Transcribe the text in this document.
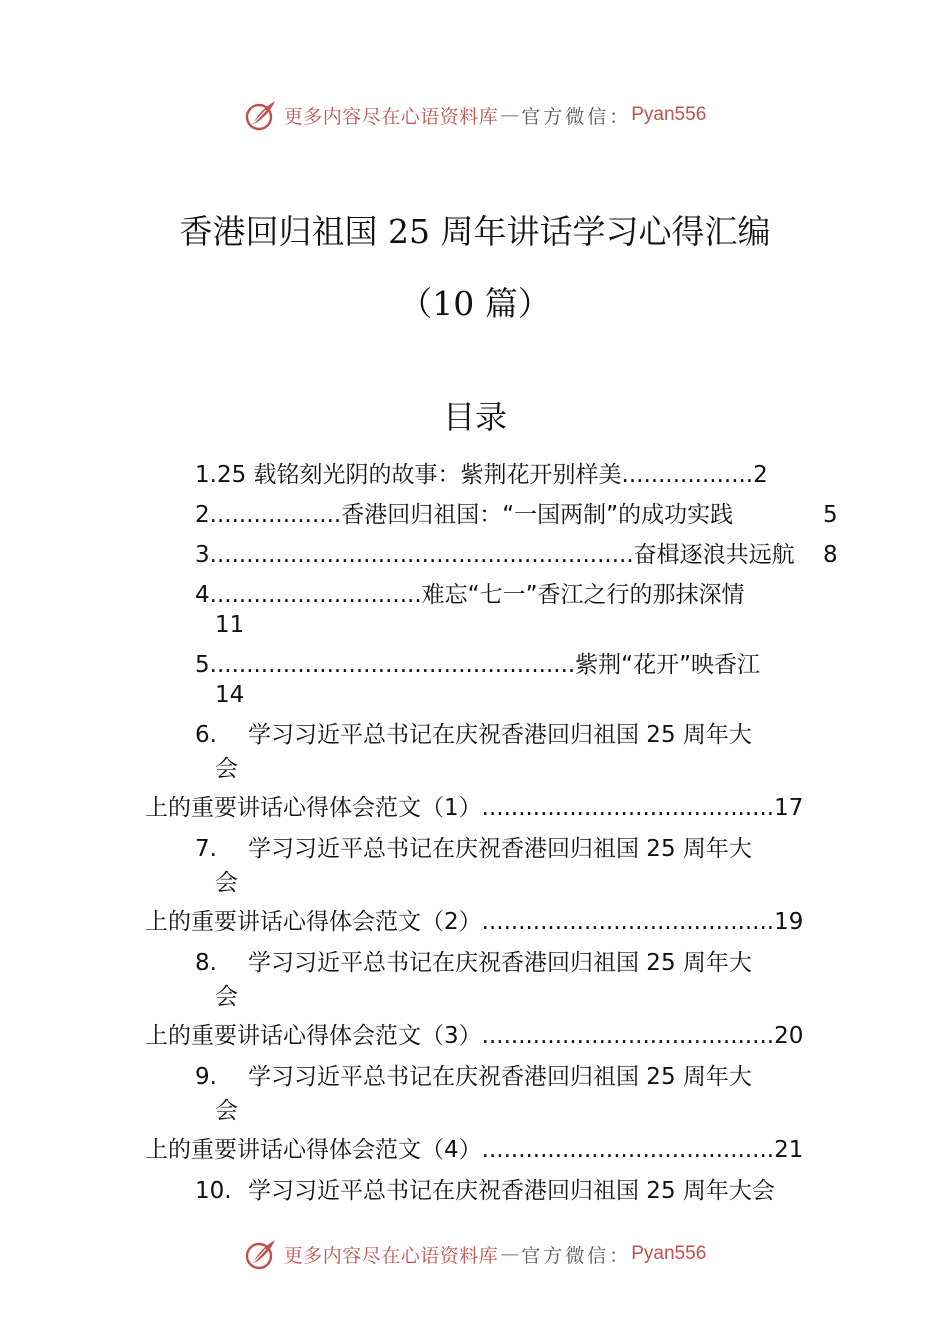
更多内容尽在心语资料库 — 官方微信： Pyan556
香港回归祖国 25 周年讲话学习心得汇编
（10 篇）
目录
1.25 载铭刻光阴的故事：紫荆花开别样美..................2
2..................香港回归祖国：“一国两制”的成功实践	5
3..........................................................奋楫逐浪共远航 8
4.............................难忘“七一”香江之行的那抹深情
11
5..................................................紫荆“花开”映香江
14
6. 学习习近平总书记在庆祝香港回归祖国 25 周年大
会
上的重要讲话心得体会范文（1）........................................17
7. 学习习近平总书记在庆祝香港回归祖国 25 周年大
会
上的重要讲话心得体会范文（2）........................................19
8. 学习习近平总书记在庆祝香港回归祖国 25 周年大
会
上的重要讲话心得体会范文（3）........................................20
9. 学习习近平总书记在庆祝香港回归祖国 25 周年大
会
上的重要讲话心得体会范文（4）........................................21
10. 学习习近平总书记在庆祝香港回归祖国 25 周年大会
更多内容尽在心语资料库 — 官方微信： Pyan556
